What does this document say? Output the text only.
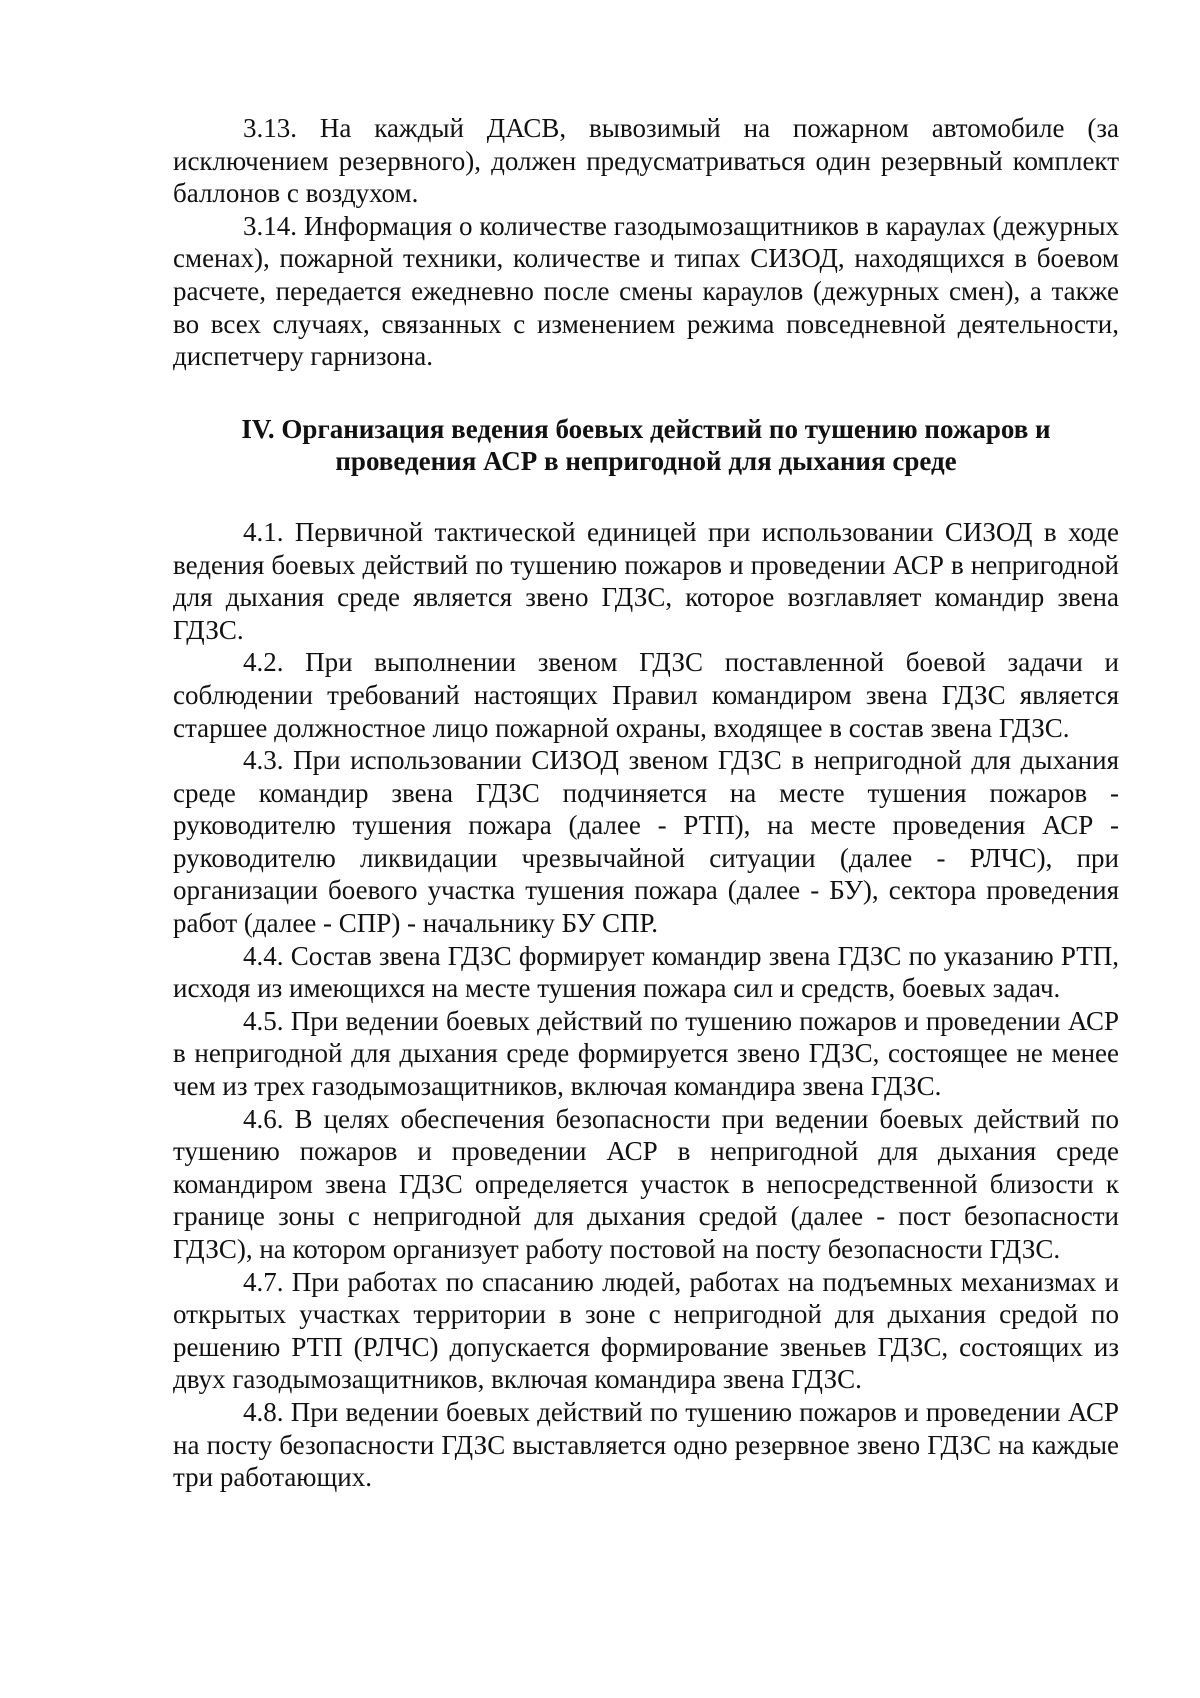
3.13. На каждый ДАСВ, вывозимый на пожарном автомобиле (за исключением резервного), должен предусматриваться один резервный комплект баллонов с воздухом.

3.14. Информация о количестве газодымозащитников в караулах (дежурных сменах), пожарной техники, количестве и типах СИЗОД, находящихся в боевом расчете, передается ежедневно после смены караулов (дежурных смен), а также во всех случаях, связанных с изменением режима повседневной деятельности, диспетчеру гарнизона.

IV. Организация ведения боевых действий по тушению пожаров и
проведения АСР в непригодной для дыхания среде

4.1. Первичной тактической единицей при использовании СИЗОД в ходе ведения боевых действий по тушению пожаров и проведении АСР в непригодной для дыхания среде является звено ГДЗС, которое возглавляет командир звена ГДЗС.

4.2. При выполнении звеном ГДЗС поставленной боевой задачи и соблюдении требований настоящих Правил командиром звена ГДЗС является старшее должностное лицо пожарной охраны, входящее в состав звена ГДЗС.

4.3. При использовании СИЗОД звеном ГДЗС в непригодной для дыхания среде командир звена ГДЗС подчиняется на месте тушения пожаров - руководителю тушения пожара (далее - РТП), на месте проведения АСР - руководителю ликвидации чрезвычайной ситуации (далее - РЛЧС), при организации боевого участка тушения пожара (далее - БУ), сектора проведения работ (далее - СПР) - начальнику БУ СПР.

4.4. Состав звена ГДЗС формирует командир звена ГДЗС по указанию РТП, исходя из имеющихся на месте тушения пожара сил и средств, боевых задач.

4.5. При ведении боевых действий по тушению пожаров и проведении АСР в непригодной для дыхания среде формируется звено ГДЗС, состоящее не менее чем из трех газодымозащитников, включая командира звена ГДЗС.

4.6. В целях обеспечения безопасности при ведении боевых действий по тушению пожаров и проведении АСР в непригодной для дыхания среде командиром звена ГДЗС определяется участок в непосредственной близости к границе зоны с непригодной для дыхания средой (далее - пост безопасности ГДЗС), на котором организует работу постовой на посту безопасности ГДЗС.

4.7. При работах по спасанию людей, работах на подъемных механизмах и открытых участках территории в зоне с непригодной для дыхания средой по решению РТП (РЛЧС) допускается формирование звеньев ГДЗС, состоящих из двух газодымозащитников, включая командира звена ГДЗС.

4.8. При ведении боевых действий по тушению пожаров и проведении АСР на посту безопасности ГДЗС выставляется одно резервное звено ГДЗС на каждые три работающих.
